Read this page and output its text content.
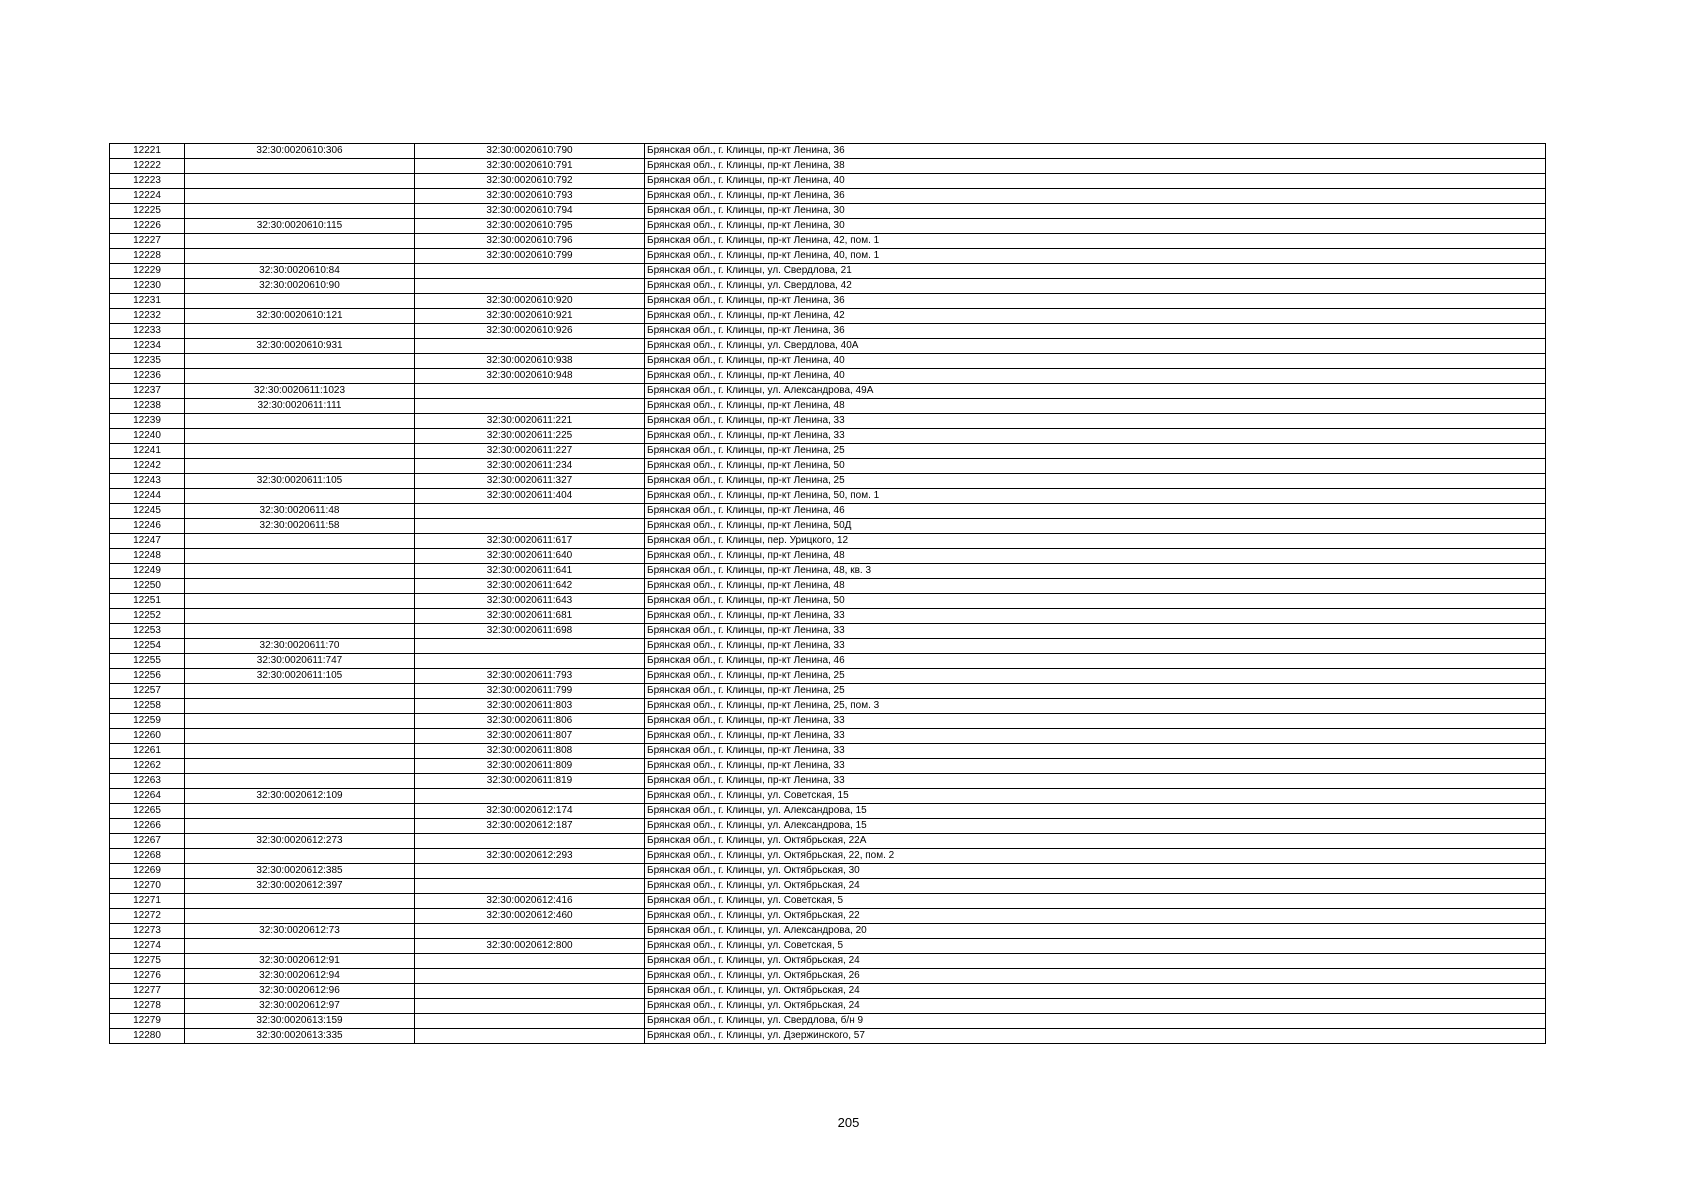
12221	32:30:0020610:306	32:30:0020610:790	Брянская обл., г. Клинцы, пр-кт Ленина, 36
12222		32:30:0020610:791	Брянская обл., г. Клинцы, пр-кт Ленина, 38
12223		32:30:0020610:792	Брянская обл., г. Клинцы, пр-кт Ленина, 40
12224		32:30:0020610:793	Брянская обл., г. Клинцы, пр-кт Ленина, 36
12225		32:30:0020610:794	Брянская обл., г. Клинцы, пр-кт Ленина, 30
12226	32:30:0020610:115	32:30:0020610:795	Брянская обл., г. Клинцы, пр-кт Ленина, 30
12227		32:30:0020610:796	Брянская обл., г. Клинцы, пр-кт Ленина, 42, пом. 1
12228		32:30:0020610:799	Брянская обл., г. Клинцы, пр-кт Ленина, 40, пом. 1
12229	32:30:0020610:84		Брянская обл., г. Клинцы, ул. Свердлова, 21
12230	32:30:0020610:90		Брянская обл., г. Клинцы, ул. Свердлова, 42
12231		32:30:0020610:920	Брянская обл., г. Клинцы, пр-кт Ленина, 36
12232	32:30:0020610:121	32:30:0020610:921	Брянская обл., г. Клинцы, пр-кт Ленина, 42
12233		32:30:0020610:926	Брянская обл., г. Клинцы, пр-кт Ленина, 36
12234	32:30:0020610:931		Брянская обл., г. Клинцы, ул. Свердлова, 40А
12235		32:30:0020610:938	Брянская обл., г. Клинцы, пр-кт Ленина, 40
12236		32:30:0020610:948	Брянская обл., г. Клинцы, пр-кт Ленина, 40
12237	32:30:0020611:1023		Брянская обл., г. Клинцы, ул. Александрова, 49А
12238	32:30:0020611:111		Брянская обл., г. Клинцы, пр-кт Ленина, 48
12239		32:30:0020611:221	Брянская обл., г. Клинцы, пр-кт Ленина, 33
12240		32:30:0020611:225	Брянская обл., г. Клинцы, пр-кт Ленина, 33
12241		32:30:0020611:227	Брянская обл., г. Клинцы, пр-кт Ленина, 25
12242		32:30:0020611:234	Брянская обл., г. Клинцы, пр-кт Ленина, 50
12243	32:30:0020611:105	32:30:0020611:327	Брянская обл., г. Клинцы, пр-кт Ленина, 25
12244		32:30:0020611:404	Брянская обл., г. Клинцы, пр-кт Ленина, 50, пом. 1
12245	32:30:0020611:48		Брянская обл., г. Клинцы, пр-кт Ленина, 46
12246	32:30:0020611:58		Брянская обл., г. Клинцы, пр-кт Ленина, 50Д
12247		32:30:0020611:617	Брянская обл., г. Клинцы, пер. Урицкого, 12
12248		32:30:0020611:640	Брянская обл., г. Клинцы, пр-кт Ленина, 48
12249		32:30:0020611:641	Брянская обл., г. Клинцы, пр-кт Ленина, 48, кв. 3
12250		32:30:0020611:642	Брянская обл., г. Клинцы, пр-кт Ленина, 48
12251		32:30:0020611:643	Брянская обл., г. Клинцы, пр-кт Ленина, 50
12252		32:30:0020611:681	Брянская обл., г. Клинцы, пр-кт Ленина, 33
12253		32:30:0020611:698	Брянская обл., г. Клинцы, пр-кт Ленина, 33
12254	32:30:0020611:70		Брянская обл., г. Клинцы, пр-кт Ленина, 33
12255	32:30:0020611:747		Брянская обл., г. Клинцы, пр-кт Ленина, 46
12256	32:30:0020611:105	32:30:0020611:793	Брянская обл., г. Клинцы, пр-кт Ленина, 25
12257		32:30:0020611:799	Брянская обл., г. Клинцы, пр-кт Ленина, 25
12258		32:30:0020611:803	Брянская обл., г. Клинцы, пр-кт Ленина, 25, пом. 3
12259		32:30:0020611:806	Брянская обл., г. Клинцы, пр-кт Ленина, 33
12260		32:30:0020611:807	Брянская обл., г. Клинцы, пр-кт Ленина, 33
12261		32:30:0020611:808	Брянская обл., г. Клинцы, пр-кт Ленина, 33
12262		32:30:0020611:809	Брянская обл., г. Клинцы, пр-кт Ленина, 33
12263		32:30:0020611:819	Брянская обл., г. Клинцы, пр-кт Ленина, 33
12264	32:30:0020612:109		Брянская обл., г. Клинцы, ул. Советская, 15
12265		32:30:0020612:174	Брянская обл., г. Клинцы, ул. Александрова, 15
12266		32:30:0020612:187	Брянская обл., г. Клинцы, ул. Александрова, 15
12267	32:30:0020612:273		Брянская обл., г. Клинцы, ул. Октябрьская, 22А
12268		32:30:0020612:293	Брянская обл., г. Клинцы, ул. Октябрьская, 22, пом. 2
12269	32:30:0020612:385		Брянская обл., г. Клинцы, ул. Октябрьская, 30
12270	32:30:0020612:397		Брянская обл., г. Клинцы, ул. Октябрьская, 24
12271		32:30:0020612:416	Брянская обл., г. Клинцы, ул. Советская, 5
12272		32:30:0020612:460	Брянская обл., г. Клинцы, ул. Октябрьская, 22
12273	32:30:0020612:73		Брянская обл., г. Клинцы, ул. Александрова, 20
12274		32:30:0020612:800	Брянская обл., г. Клинцы, ул. Советская, 5
12275	32:30:0020612:91		Брянская обл., г. Клинцы, ул. Октябрьская, 24
12276	32:30:0020612:94		Брянская обл., г. Клинцы, ул. Октябрьская, 26
12277	32:30:0020612:96		Брянская обл., г. Клинцы, ул. Октябрьская, 24
12278	32:30:0020612:97		Брянская обл., г. Клинцы, ул. Октябрьская, 24
12279	32:30:0020613:159		Брянская обл., г. Клинцы, ул. Свердлова, б/н 9
12280	32:30:0020613:335		Брянская обл., г. Клинцы, ул. Дзержинского, 57
205
